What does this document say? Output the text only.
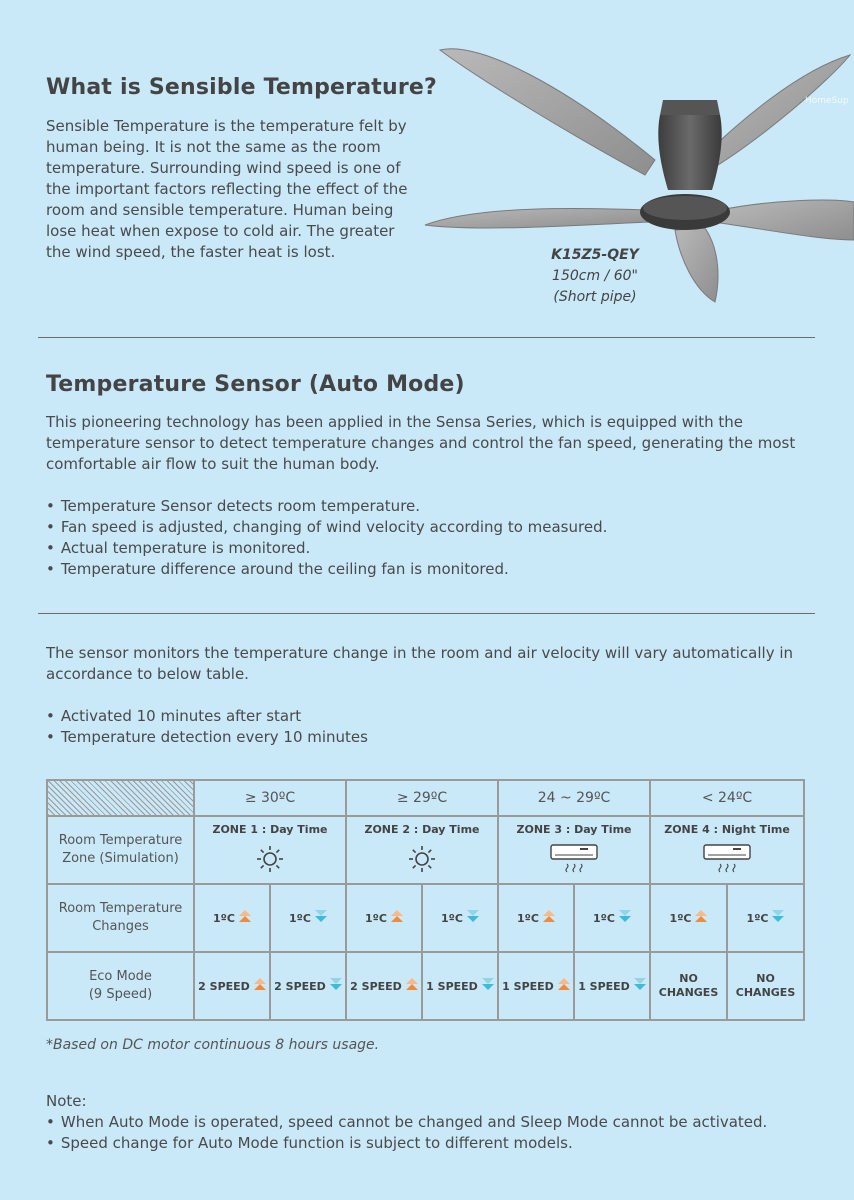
What is Sensible Temperature?

Sensible Temperature is the temperature felt by human being. It is not the same as the room temperature. Surrounding wind speed is one of the important factors reflecting the effect of the room and sensible temperature. Human being lose heat when expose to cold air. The greater the wind speed, the faster heat is lost.

HomeSup
K15Z5-QEY
150cm / 60"
(Short pipe)
Temperature Sensor (Auto Mode)

This pioneering technology has been applied in the Sensa Series, which is equipped with the temperature sensor to detect temperature changes and control the fan speed, generating the most comfortable air flow to suit the human body.

• Temperature Sensor detects room temperature.
• Fan speed is adjusted, changing of wind velocity according to measured.
• Actual temperature is monitored.
• Temperature difference around the ceiling fan is monitored.

The sensor monitors the temperature change in the room and air velocity will vary automatically in accordance to below table.

• Activated 10 minutes after start
• Temperature detection every 10 minutes
	≥ 30ºC		≥ 29ºC		24 ~ 29ºC		< 24ºC	
Room Temperature
Zone (Simulation)	ZONE 1 : Day Time		ZONE 2 : Day Time		ZONE 3 : Day Time		ZONE 4 : Night Time	

Room Temperature
Changes	1ºC	1ºC	1ºC	1ºC	1ºC	1ºC	1ºC	1ºC

Eco Mode
(9 Speed)	2 SPEED	2 SPEED	2 SPEED	1 SPEED	1 SPEED	1 SPEED	NO
CHANGES	NO
CHANGES

*Based on DC motor continuous 8 hours usage.

Note:
• When Auto Mode is operated, speed cannot be changed and Sleep Mode cannot be activated.
• Speed change for Auto Mode function is subject to different models.
